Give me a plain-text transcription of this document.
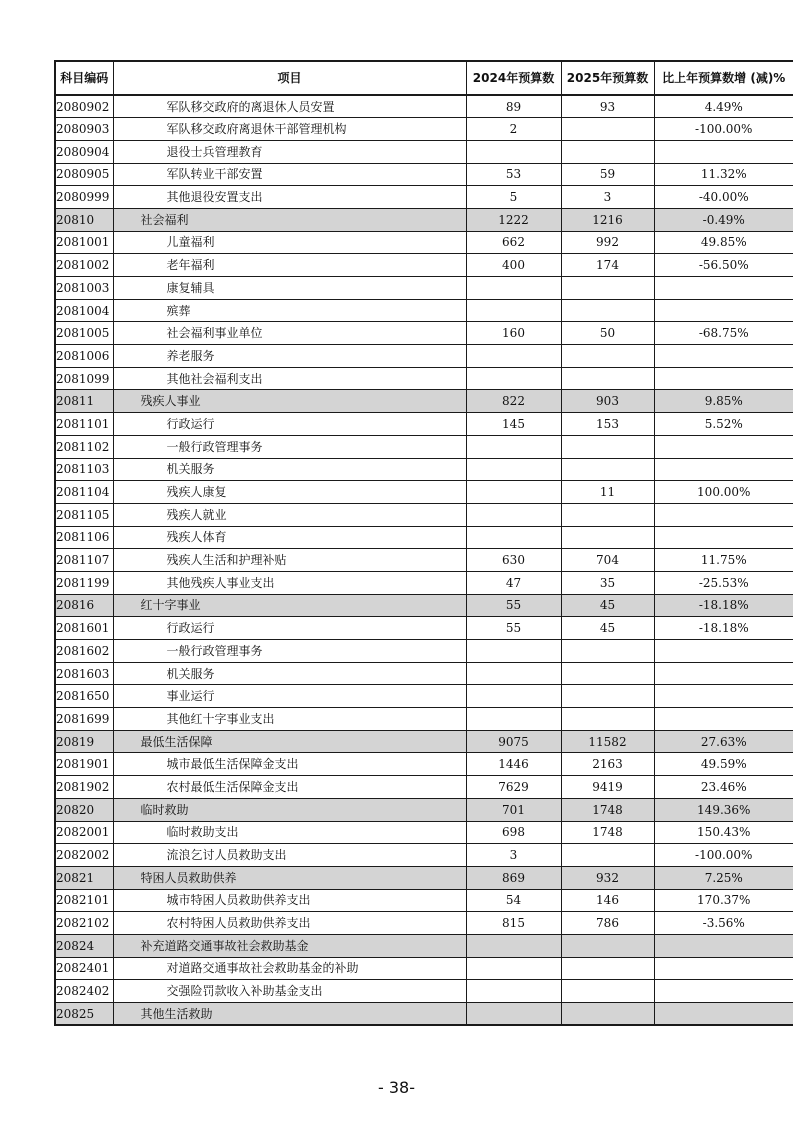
科目编码	项目	2024年预算数	2025年预算数	比上年预算数增 (减)%
2080902	军队移交政府的离退休人员安置	89	93	4.49%
2080903	军队移交政府离退休干部管理机构	2		-100.00%
2080904	退役士兵管理教育			
2080905	军队转业干部安置	53	59	11.32%
2080999	其他退役安置支出	5	3	-40.00%
20810	社会福利	1222	1216	-0.49%
2081001	儿童福利	662	992	49.85%
2081002	老年福利	400	174	-56.50%
2081003	康复辅具			
2081004	殡葬			
2081005	社会福利事业单位	160	50	-68.75%
2081006	养老服务			
2081099	其他社会福利支出			
20811	残疾人事业	822	903	9.85%
2081101	行政运行	145	153	5.52%
2081102	一般行政管理事务			
2081103	机关服务			
2081104	残疾人康复		11	100.00%
2081105	残疾人就业			
2081106	残疾人体育			
2081107	残疾人生活和护理补贴	630	704	11.75%
2081199	其他残疾人事业支出	47	35	-25.53%
20816	红十字事业	55	45	-18.18%
2081601	行政运行	55	45	-18.18%
2081602	一般行政管理事务			
2081603	机关服务			
2081650	事业运行			
2081699	其他红十字事业支出			
20819	最低生活保障	9075	11582	27.63%
2081901	城市最低生活保障金支出	1446	2163	49.59%
2081902	农村最低生活保障金支出	7629	9419	23.46%
20820	临时救助	701	1748	149.36%
2082001	临时救助支出	698	1748	150.43%
2082002	流浪乞讨人员救助支出	3		-100.00%
20821	特困人员救助供养	869	932	7.25%
2082101	城市特困人员救助供养支出	54	146	170.37%
2082102	农村特困人员救助供养支出	815	786	-3.56%
20824	补充道路交通事故社会救助基金			
2082401	对道路交通事故社会救助基金的补助			
2082402	交强险罚款收入补助基金支出			
20825	其他生活救助			
- 38-
